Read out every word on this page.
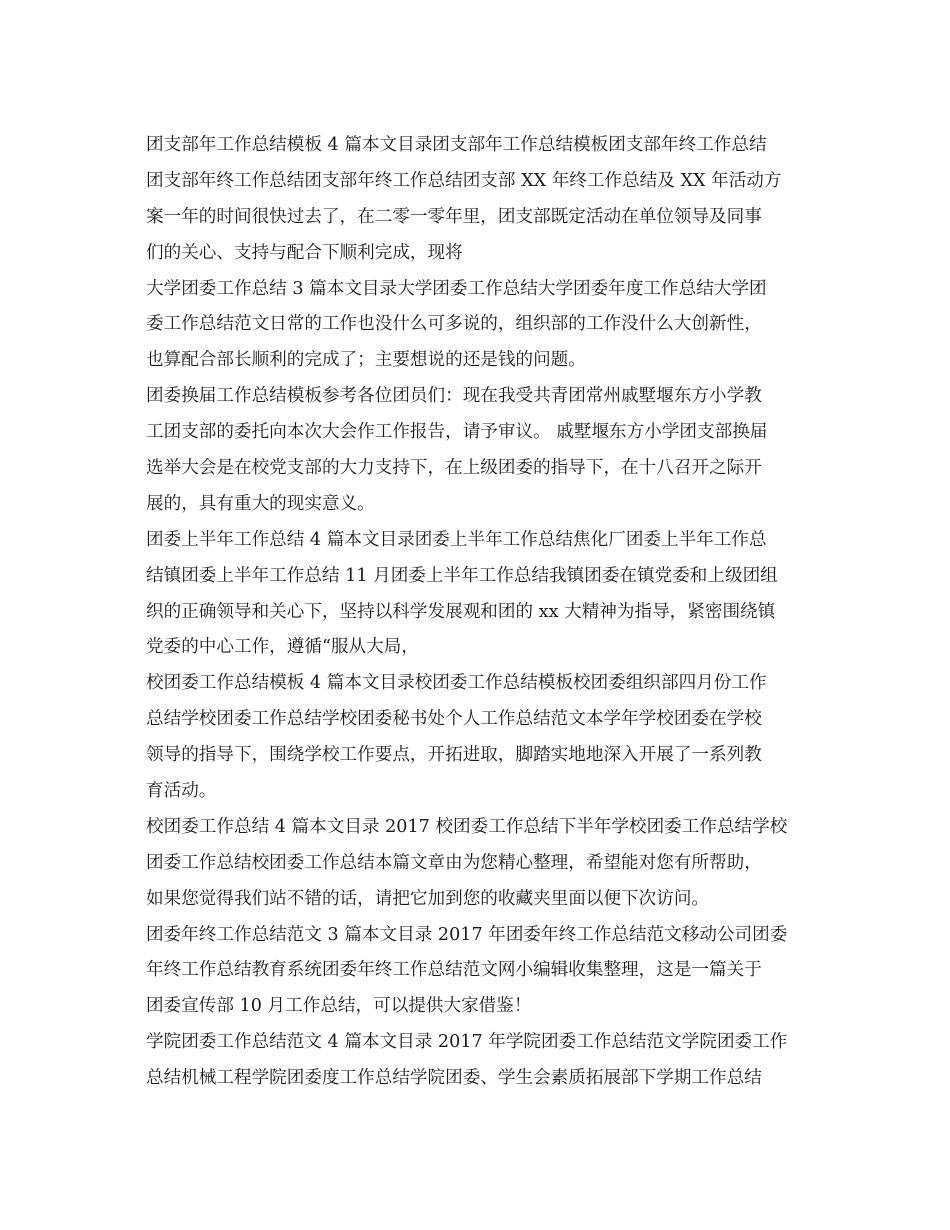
团支部年工作总结模板 4 篇本文目录团支部年工作总结模板团支部年终工作总结
团支部年终工作总结团支部年终工作总结团支部 XX 年终工作总结及 XX 年活动方
案一年的时间很快过去了，在二零一零年里，团支部既定活动在单位领导及同事
们的关心、支持与配合下顺利完成，现将
大学团委工作总结 3 篇本文目录大学团委工作总结大学团委年度工作总结大学团
委工作总结范文日常的工作也没什么可多说的，组织部的工作没什么大创新性，
也算配合部长顺利的完成了；主要想说的还是钱的问题。
团委换届工作总结模板参考各位团员们：现在我受共青团常州戚墅堰东方小学教
工团支部的委托向本次大会作工作报告，请予审议。 戚墅堰东方小学团支部换届
选举大会是在校党支部的大力支持下，在上级团委的指导下，在十八召开之际开
展的，具有重大的现实意义。
团委上半年工作总结 4 篇本文目录团委上半年工作总结焦化厂团委上半年工作总
结镇团委上半年工作总结 11 月团委上半年工作总结我镇团委在镇党委和上级团组
织的正确领导和关心下，坚持以科学发展观和团的 xx 大精神为指导，紧密围绕镇
党委的中心工作，遵循“服从大局，
校团委工作总结模板 4 篇本文目录校团委工作总结模板校团委组织部四月份工作
总结学校团委工作总结学校团委秘书处个人工作总结范文本学年学校团委在学校
领导的指导下，围绕学校工作要点，开拓进取，脚踏实地地深入开展了一系列教
育活动。
校团委工作总结 4 篇本文目录 2017 校团委工作总结下半年学校团委工作总结学校
团委工作总结校团委工作总结本篇文章由为您精心整理，希望能对您有所帮助，
如果您觉得我们站不错的话，请把它加到您的收藏夹里面以便下次访问。
团委年终工作总结范文 3 篇本文目录 2017 年团委年终工作总结范文移动公司团委
年终工作总结教育系统团委年终工作总结范文网小编辑收集整理，这是一篇关于
团委宣传部 10 月工作总结，可以提供大家借鉴！
学院团委工作总结范文 4 篇本文目录 2017 年学院团委工作总结范文学院团委工作
总结机械工程学院团委度工作总结学院团委、学生会素质拓展部下学期工作总结
